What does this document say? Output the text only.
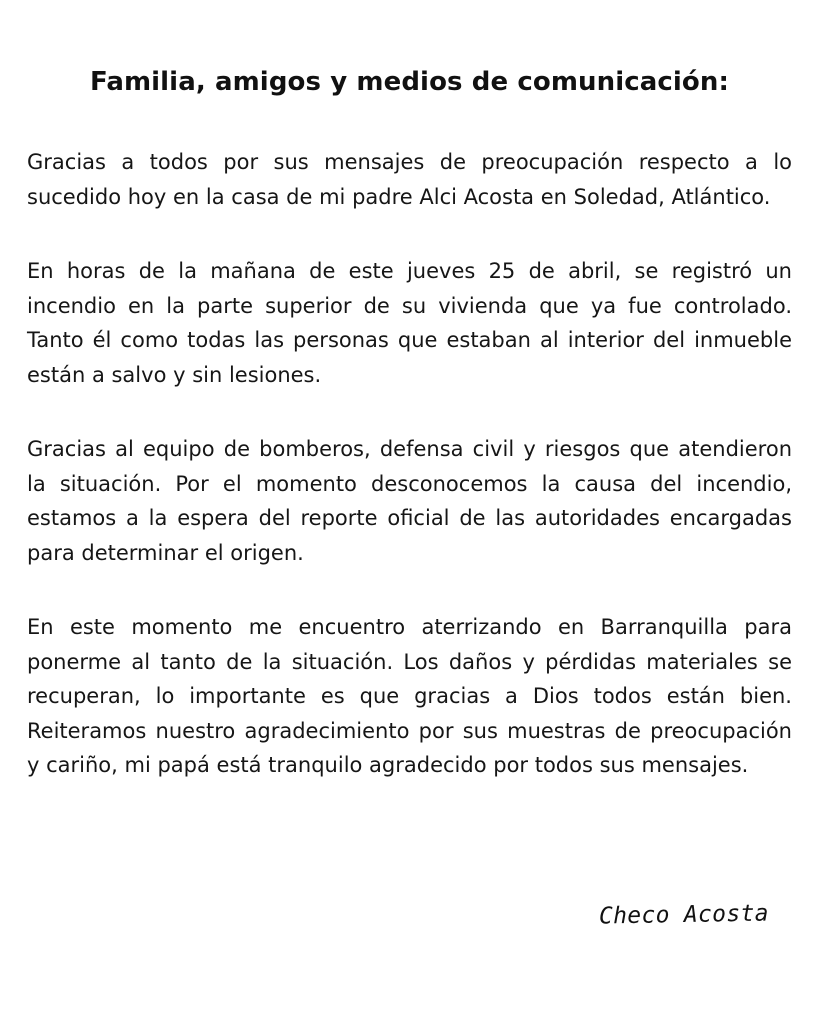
Familia, amigos y medios de comunicación:

Gracias a todos por sus mensajes de preocupación respecto a lo sucedido hoy en la casa de mi padre Alci Acosta en Soledad, Atlántico.

En horas de la mañana de este jueves 25 de abril, se registró un incendio en la parte superior de su vivienda que ya fue controlado. Tanto él como todas las personas que estaban al interior del inmueble están a salvo y sin lesiones.

Gracias al equipo de bomberos, defensa civil y riesgos que atendieron la situación. Por el momento desconocemos la causa del incendio, estamos a la espera del reporte oficial de las autoridades encargadas para determinar el origen.

En este momento me encuentro aterrizando en Barranquilla para ponerme al tanto de la situación. Los daños y pérdidas materiales se recuperan, lo importante es que gracias a Dios todos están bien. Reiteramos nuestro agradecimiento por sus muestras de preocupación y cariño, mi papá está tranquilo agradecido por todos sus mensajes.

Checo Acosta
